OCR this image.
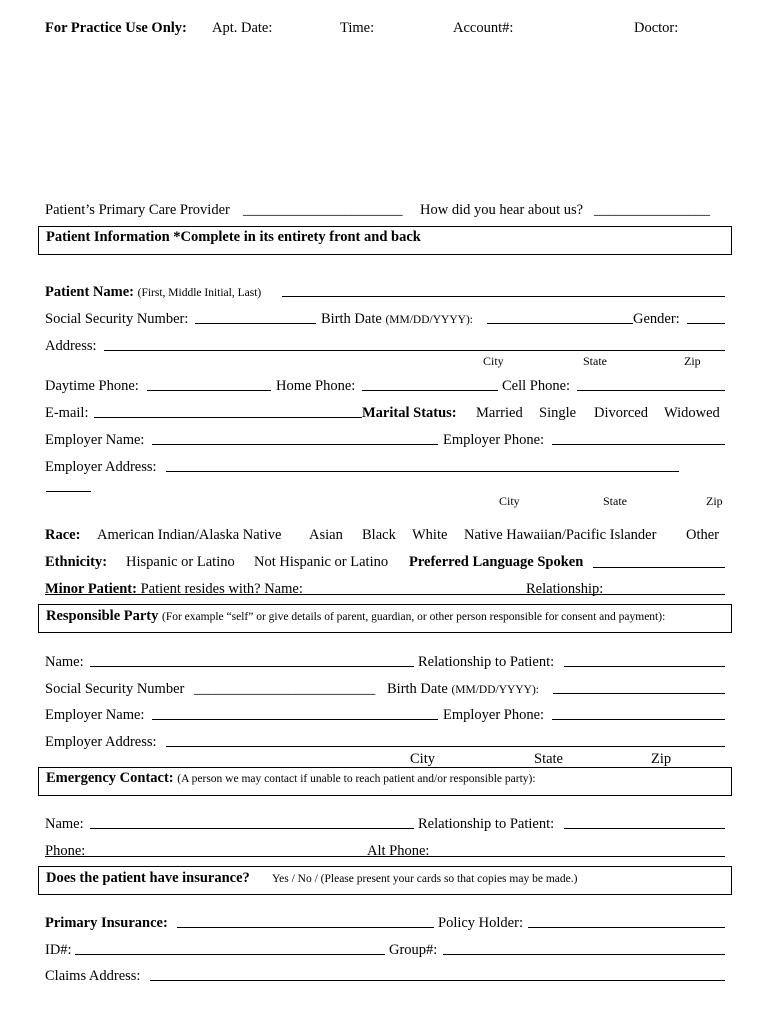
For Practice Use Only: Apt. Date:	Time:	Account#:	Doctor:
Patient’s Primary Care Provider ______________________ How did you hear about us? ________________
Patient Information *Complete in its entirety front and back
Patient Name: (First, Middle Initial, Last)
Social Security Number:	Birth Date (MM/DD/YYYY):	Gender:
Address:
City	State	Zip
Daytime Phone:	Home Phone:	Cell Phone:
E-mail:	Marital Status: Married Single Divorced Widowed
Employer Name:	Employer Phone:
Employer Address:
City	State	Zip
Race: American Indian/Alaska Native Asian Black White Native Hawaiian/Pacific Islander Other
Ethnicity: Hispanic or Latino Not Hispanic or Latino Preferred Language Spoken
Minor Patient: Patient resides with? Name:	Relationship:
Responsible Party (For example “self” or give details of parent, guardian, or other person responsible for consent and payment):
Name:	Relationship to Patient:
Social Security Number _________________________ Birth Date (MM/DD/YYYY):
Employer Name:	Employer Phone:
Employer Address:
City	State	Zip
Emergency Contact: (A person we may contact if unable to reach patient and/or responsible party):
Name:	Relationship to Patient:
Phone:	Alt Phone:
Does the patient have insurance? Yes / No / (Please present your cards so that copies may be made.)
Primary Insurance:	Policy Holder:
ID#:	Group#:
Claims Address:
